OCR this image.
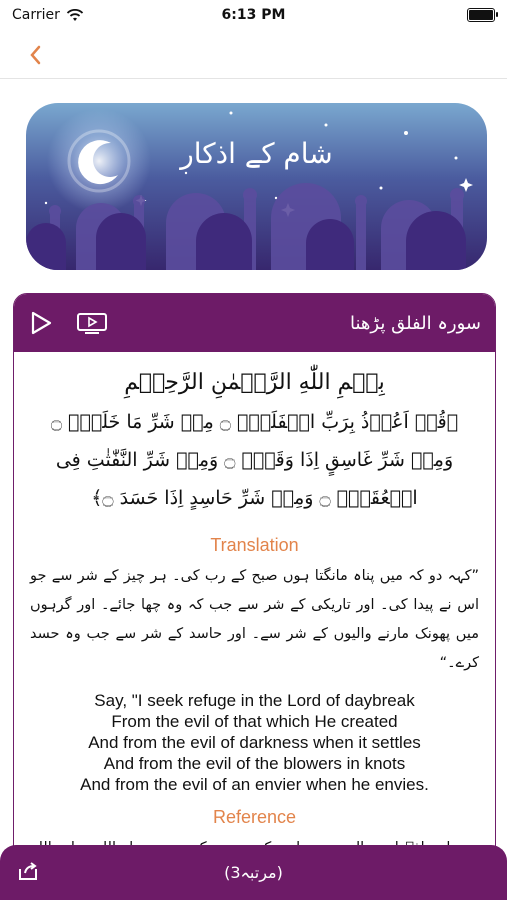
Carrier	6:13 PM
شام کے اذکار
سورہ الفلق پڑھنا
بِسۡمِ اللّٰهِ الرَّحۡمٰنِ الرَّحِيۡمِ
﴿قُلۡ اَعُوۡذُ بِرَبِّ الۡفَلَقِۙ ۝ مِنۡ شَرِّ مَا خَلَقَۙ ۝ وَمِنۡ شَرِّ غَاسِقٍ اِذَا وَقَبَۙ ۝ وَمِنۡ شَرِّ النَّفّٰثٰتِ فِى الۡعُقَدِۙ ۝ وَمِنۡ شَرِّ حَاسِدٍ اِذَا حَسَدَ ۝﴾
Translation
”کہہ دو کہ میں پناہ مانگتا ہوں صبح کے رب کی۔ ہر چیز کے شر سے جو اس نے پیدا کی۔ اور تاریکی کے شر سے جب کہ وہ چھا جائے۔ اور گرہوں میں پھونک مارنے والیوں کے شر سے۔ اور حاسد کے شر سے جب وہ حسد کرے۔“
Say, "I seek refuge in the Lord of daybreak
From the evil of that which He created
And from the evil of darkness when it settles
And from the evil of the blowers in knots
And from the evil of an envier when he envies.
Reference
(3مرتبہ)
